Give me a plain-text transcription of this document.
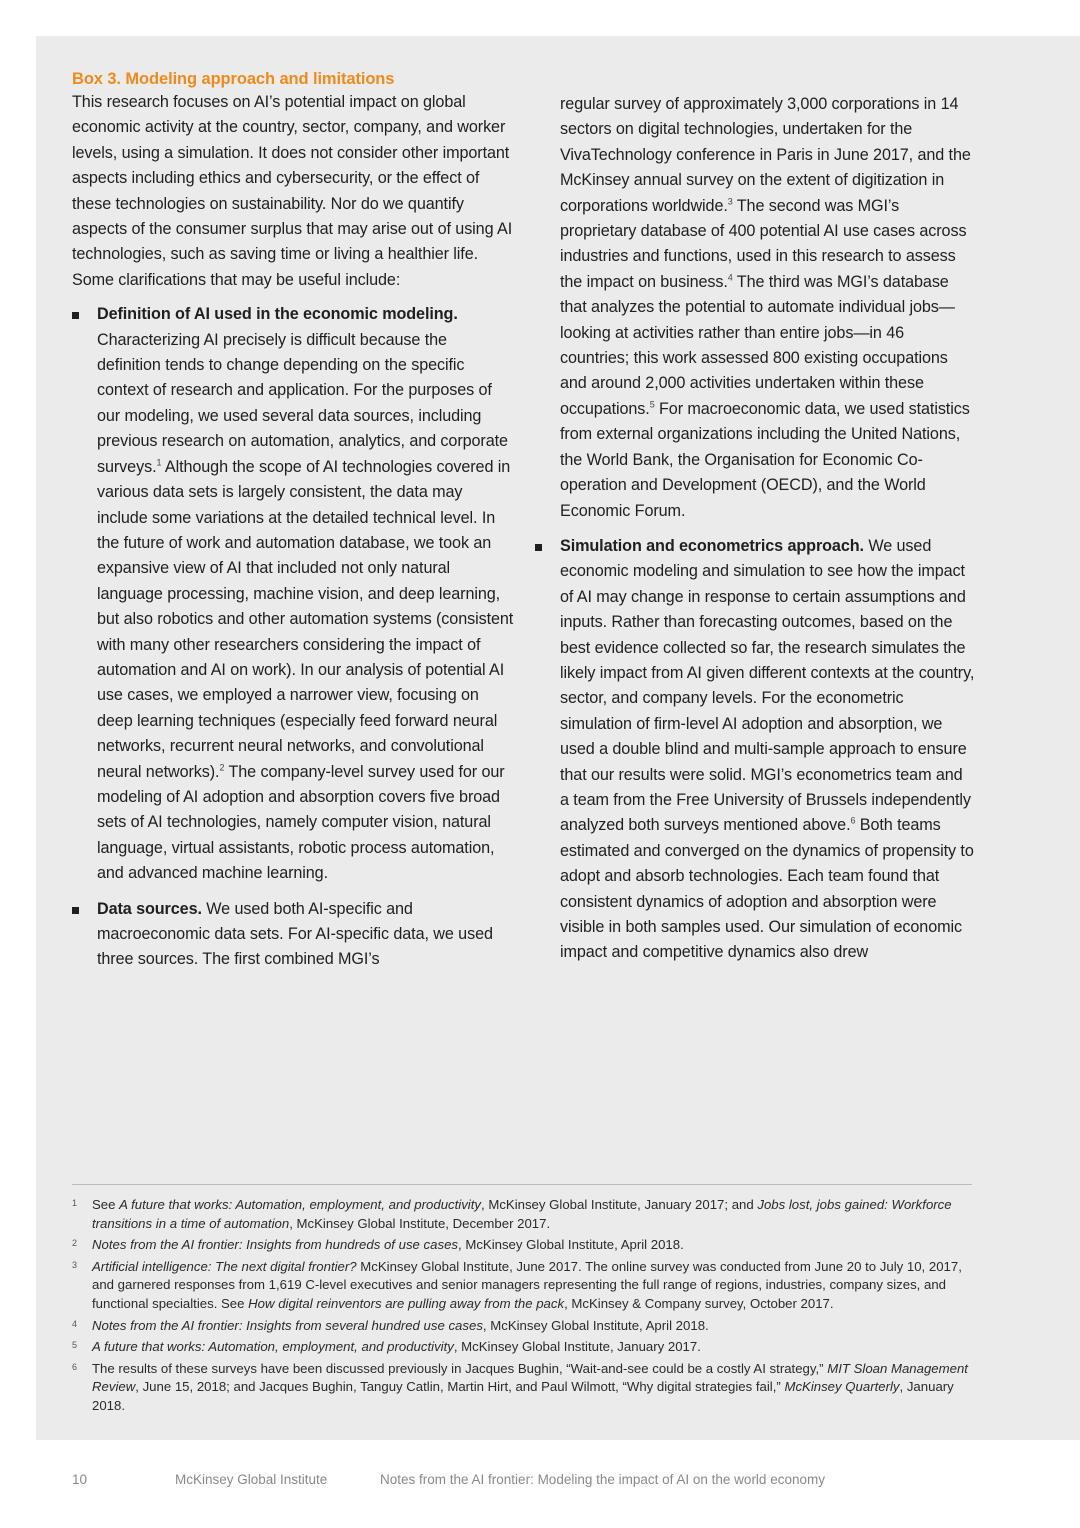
Box 3. Modeling approach and limitations

This research focuses on AI’s potential impact on global economic activity at the country, sector, company, and worker levels, using a simulation. It does not consider other important aspects including ethics and cybersecurity, or the effect of these technologies on sustainability. Nor do we quantify aspects of the consumer surplus that may arise out of using AI technologies, such as saving time or living a healthier life. Some clarifications that may be useful include:

Definition of AI used in the economic modeling. Characterizing AI precisely is difficult because the definition tends to change depending on the specific context of research and application. For the purposes of our modeling, we used several data sources, including previous research on automation, analytics, and corporate surveys.$^1$ Although the scope of AI technologies covered in various data sets is largely consistent, the data may include some variations at the detailed technical level. In the future of work and automation database, we took an expansive view of AI that included not only natural language processing, machine vision, and deep learning, but also robotics and other automation systems (consistent with many other researchers considering the impact of automation and AI on work). In our analysis of potential AI use cases, we employed a narrower view, focusing on deep learning techniques (especially feed forward neural networks, recurrent neural networks, and convolutional neural networks).$^2$ The company-level survey used for our modeling of AI adoption and absorption covers five broad sets of AI technologies, namely computer vision, natural language, virtual assistants, robotic process automation, and advanced machine learning.
Data sources. We used both AI-specific and macroeconomic data sets. For AI-specific data, we used three sources. The first combined MGI’s
regular survey of approximately 3,000 corporations in 14 sectors on digital technologies, undertaken for the VivaTechnology conference in Paris in June 2017, and the McKinsey annual survey on the extent of digitization in corporations worldwide.$^3$ The second was MGI’s proprietary database of 400 potential AI use cases across industries and functions, used in this research to assess the impact on business.$^4$ The third was MGI’s database that analyzes the potential to automate individual jobs—looking at activities rather than entire jobs—in 46 countries; this work assessed 800 existing occupations and around 2,000 activities undertaken within these occupations.$^5$ For macroeconomic data, we used statistics from external organizations including the United Nations, the World Bank, the Organisation for Economic Co-operation and Development (OECD), and the World Economic Forum.
Simulation and econometrics approach. We used economic modeling and simulation to see how the impact of AI may change in response to certain assumptions and inputs. Rather than forecasting outcomes, based on the best evidence collected so far, the research simulates the likely impact from AI given different contexts at the country, sector, and company levels. For the econometric simulation of firm-level AI adoption and absorption, we used a double blind and multi-sample approach to ensure that our results were solid. MGI’s econometrics team and a team from the Free University of Brussels independently analyzed both surveys mentioned above.$^6$ Both teams estimated and converged on the dynamics of propensity to adopt and absorb technologies. Each team found that consistent dynamics of adoption and absorption were visible in both samples used. Our simulation of economic impact and competitive dynamics also drew
1 See A future that works: Automation, employment, and productivity, McKinsey Global Institute, January 2017; and Jobs lost, jobs gained: Workforce transitions in a time of automation, McKinsey Global Institute, December 2017.
2 Notes from the AI frontier: Insights from hundreds of use cases, McKinsey Global Institute, April 2018.
3 Artificial intelligence: The next digital frontier? McKinsey Global Institute, June 2017. The online survey was conducted from June 20 to July 10, 2017, and garnered responses from 1,619 C-level executives and senior managers representing the full range of regions, industries, company sizes, and functional specialties. See How digital reinventors are pulling away from the pack, McKinsey & Company survey, October 2017.
4 Notes from the AI frontier: Insights from several hundred use cases, McKinsey Global Institute, April 2018.
5 A future that works: Automation, employment, and productivity, McKinsey Global Institute, January 2017.
6 The results of these surveys have been discussed previously in Jacques Bughin, “Wait-and-see could be a costly AI strategy,” MIT Sloan Management Review, June 15, 2018; and Jacques Bughin, Tanguy Catlin, Martin Hirt, and Paul Wilmott, “Why digital strategies fail,” McKinsey Quarterly, January 2018.
10	McKinsey Global Institute	Notes from the AI frontier: Modeling the impact of AI on the world economy
